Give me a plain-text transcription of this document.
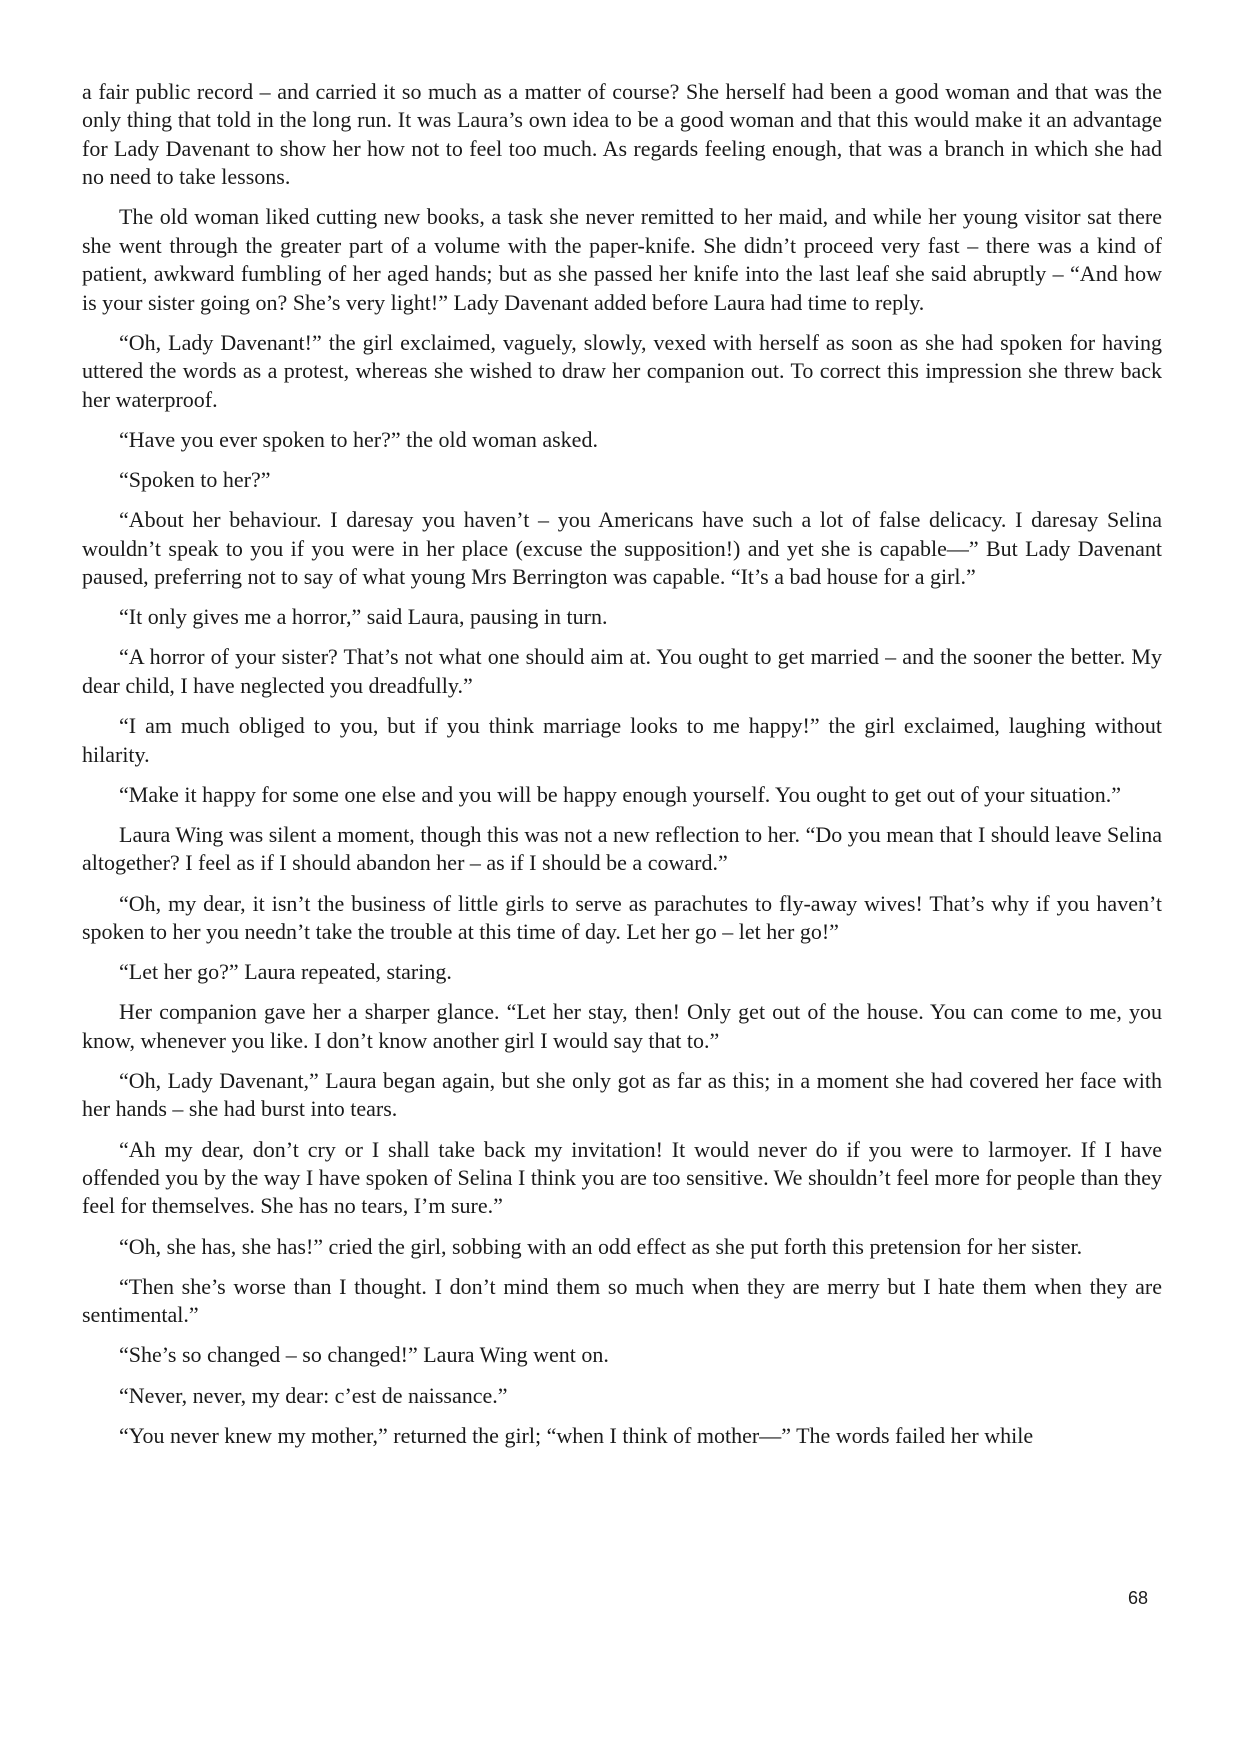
a fair public record – and carried it so much as a matter of course? She herself had been a good woman and that was the only thing that told in the long run. It was Laura’s own idea to be a good woman and that this would make it an advantage for Lady Davenant to show her how not to feel too much. As regards feeling enough, that was a branch in which she had no need to take lessons.

The old woman liked cutting new books, a task she never remitted to her maid, and while her young visitor sat there she went through the greater part of a volume with the paper-knife. She didn’t proceed very fast – there was a kind of patient, awkward fumbling of her aged hands; but as she passed her knife into the last leaf she said abruptly – “And how is your sister going on? She’s very light!” Lady Davenant added before Laura had time to reply.

“Oh, Lady Davenant!” the girl exclaimed, vaguely, slowly, vexed with herself as soon as she had spoken for having uttered the words as a protest, whereas she wished to draw her companion out. To correct this impression she threw back her waterproof.

“Have you ever spoken to her?” the old woman asked.

“Spoken to her?”

“About her behaviour. I daresay you haven’t – you Americans have such a lot of false delicacy. I daresay Selina wouldn’t speak to you if you were in her place (excuse the supposition!) and yet she is capable—” But Lady Davenant paused, preferring not to say of what young Mrs Berrington was capable. “It’s a bad house for a girl.”

“It only gives me a horror,” said Laura, pausing in turn.

“A horror of your sister? That’s not what one should aim at. You ought to get married – and the sooner the better. My dear child, I have neglected you dreadfully.”

“I am much obliged to you, but if you think marriage looks to me happy!” the girl exclaimed, laughing without hilarity.

“Make it happy for some one else and you will be happy enough yourself. You ought to get out of your situation.”

Laura Wing was silent a moment, though this was not a new reflection to her. “Do you mean that I should leave Selina altogether? I feel as if I should abandon her – as if I should be a coward.”

“Oh, my dear, it isn’t the business of little girls to serve as parachutes to fly-away wives! That’s why if you haven’t spoken to her you needn’t take the trouble at this time of day. Let her go – let her go!”

“Let her go?” Laura repeated, staring.

Her companion gave her a sharper glance. “Let her stay, then! Only get out of the house. You can come to me, you know, whenever you like. I don’t know another girl I would say that to.”

“Oh, Lady Davenant,” Laura began again, but she only got as far as this; in a moment she had covered her face with her hands – she had burst into tears.

“Ah my dear, don’t cry or I shall take back my invitation! It would never do if you were to larmoyer. If I have offended you by the way I have spoken of Selina I think you are too sensitive. We shouldn’t feel more for people than they feel for themselves. She has no tears, I’m sure.”

“Oh, she has, she has!” cried the girl, sobbing with an odd effect as she put forth this pretension for her sister.

“Then she’s worse than I thought. I don’t mind them so much when they are merry but I hate them when they are sentimental.”

“She’s so changed – so changed!” Laura Wing went on.

“Never, never, my dear: c’est de naissance.”

“You never knew my mother,” returned the girl; “when I think of mother—” The words failed her while

68
